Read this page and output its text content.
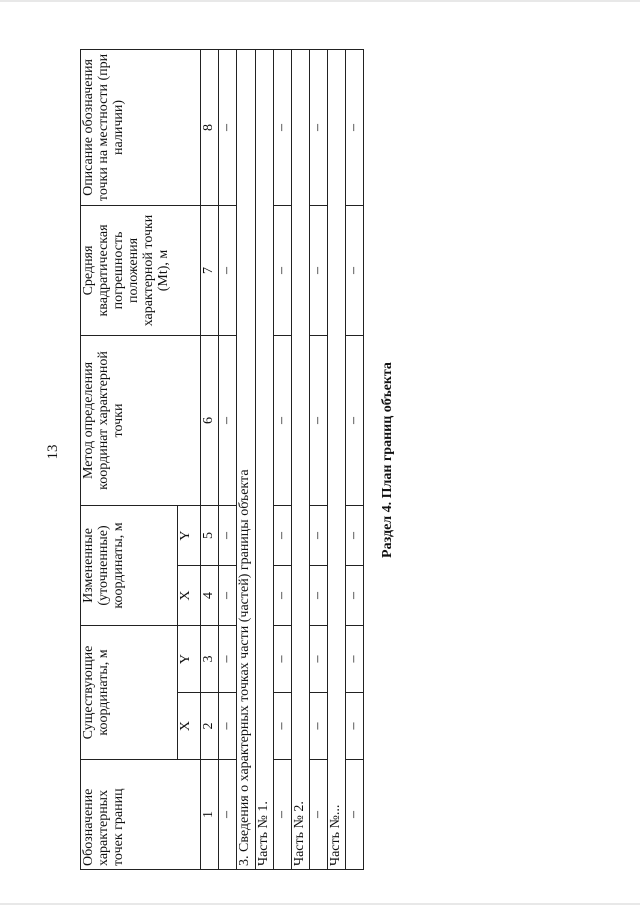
13
Обозначение характерных точек границ	Существующие координаты, м		Измененные (уточненные) координаты, м		Метод определения координат характерной точки	Средняя квадратическая погрешность положения характерной точки (Mt), м	Описание обозначения точки на местности (при наличии)
	X	Y	X	Y			
1	2	3	4	5	6	7	8
–	–	–	–	–	–	–	–
3. Сведения о характерных точках части (частей) границы объекта							
Часть № 1.							
–	–	–	–	–	–	–	–
Часть № 2.							
–	–	–	–	–	–	–	–
Часть №...							
–	–	–	–	–	–	–	–
Раздел 4. План границ объекта
